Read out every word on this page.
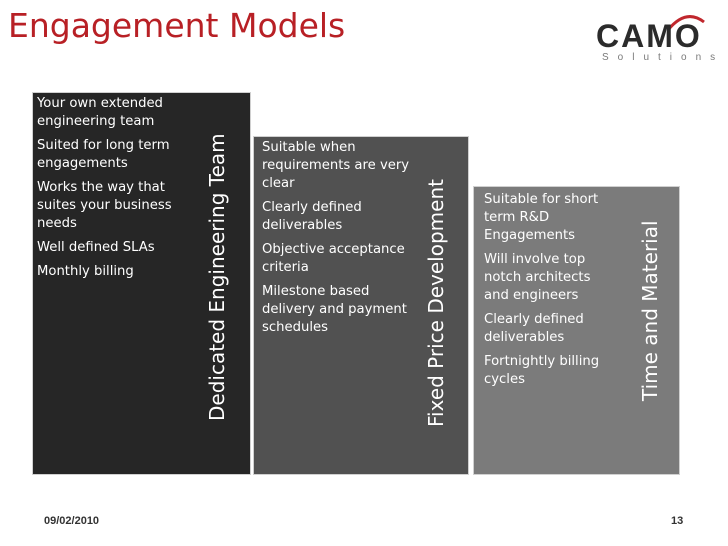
Engagement Models	CAMO
Solutions
Your own extended engineering team
Suited for long term engagements
Works the way that suites your business needs
Well defined SLAs
Monthly billing	Dedicated Engineering Team	Suitable when requirements are very clear
Clearly defined deliverables
Objective acceptance criteria
Milestone based delivery and payment schedules	Fixed Price Development	Suitable for short term R&D Engagements
Will involve top notch architects and engineers
Clearly defined deliverables
Fortnightly billing cycles	Time and Material
09/02/2010	13
